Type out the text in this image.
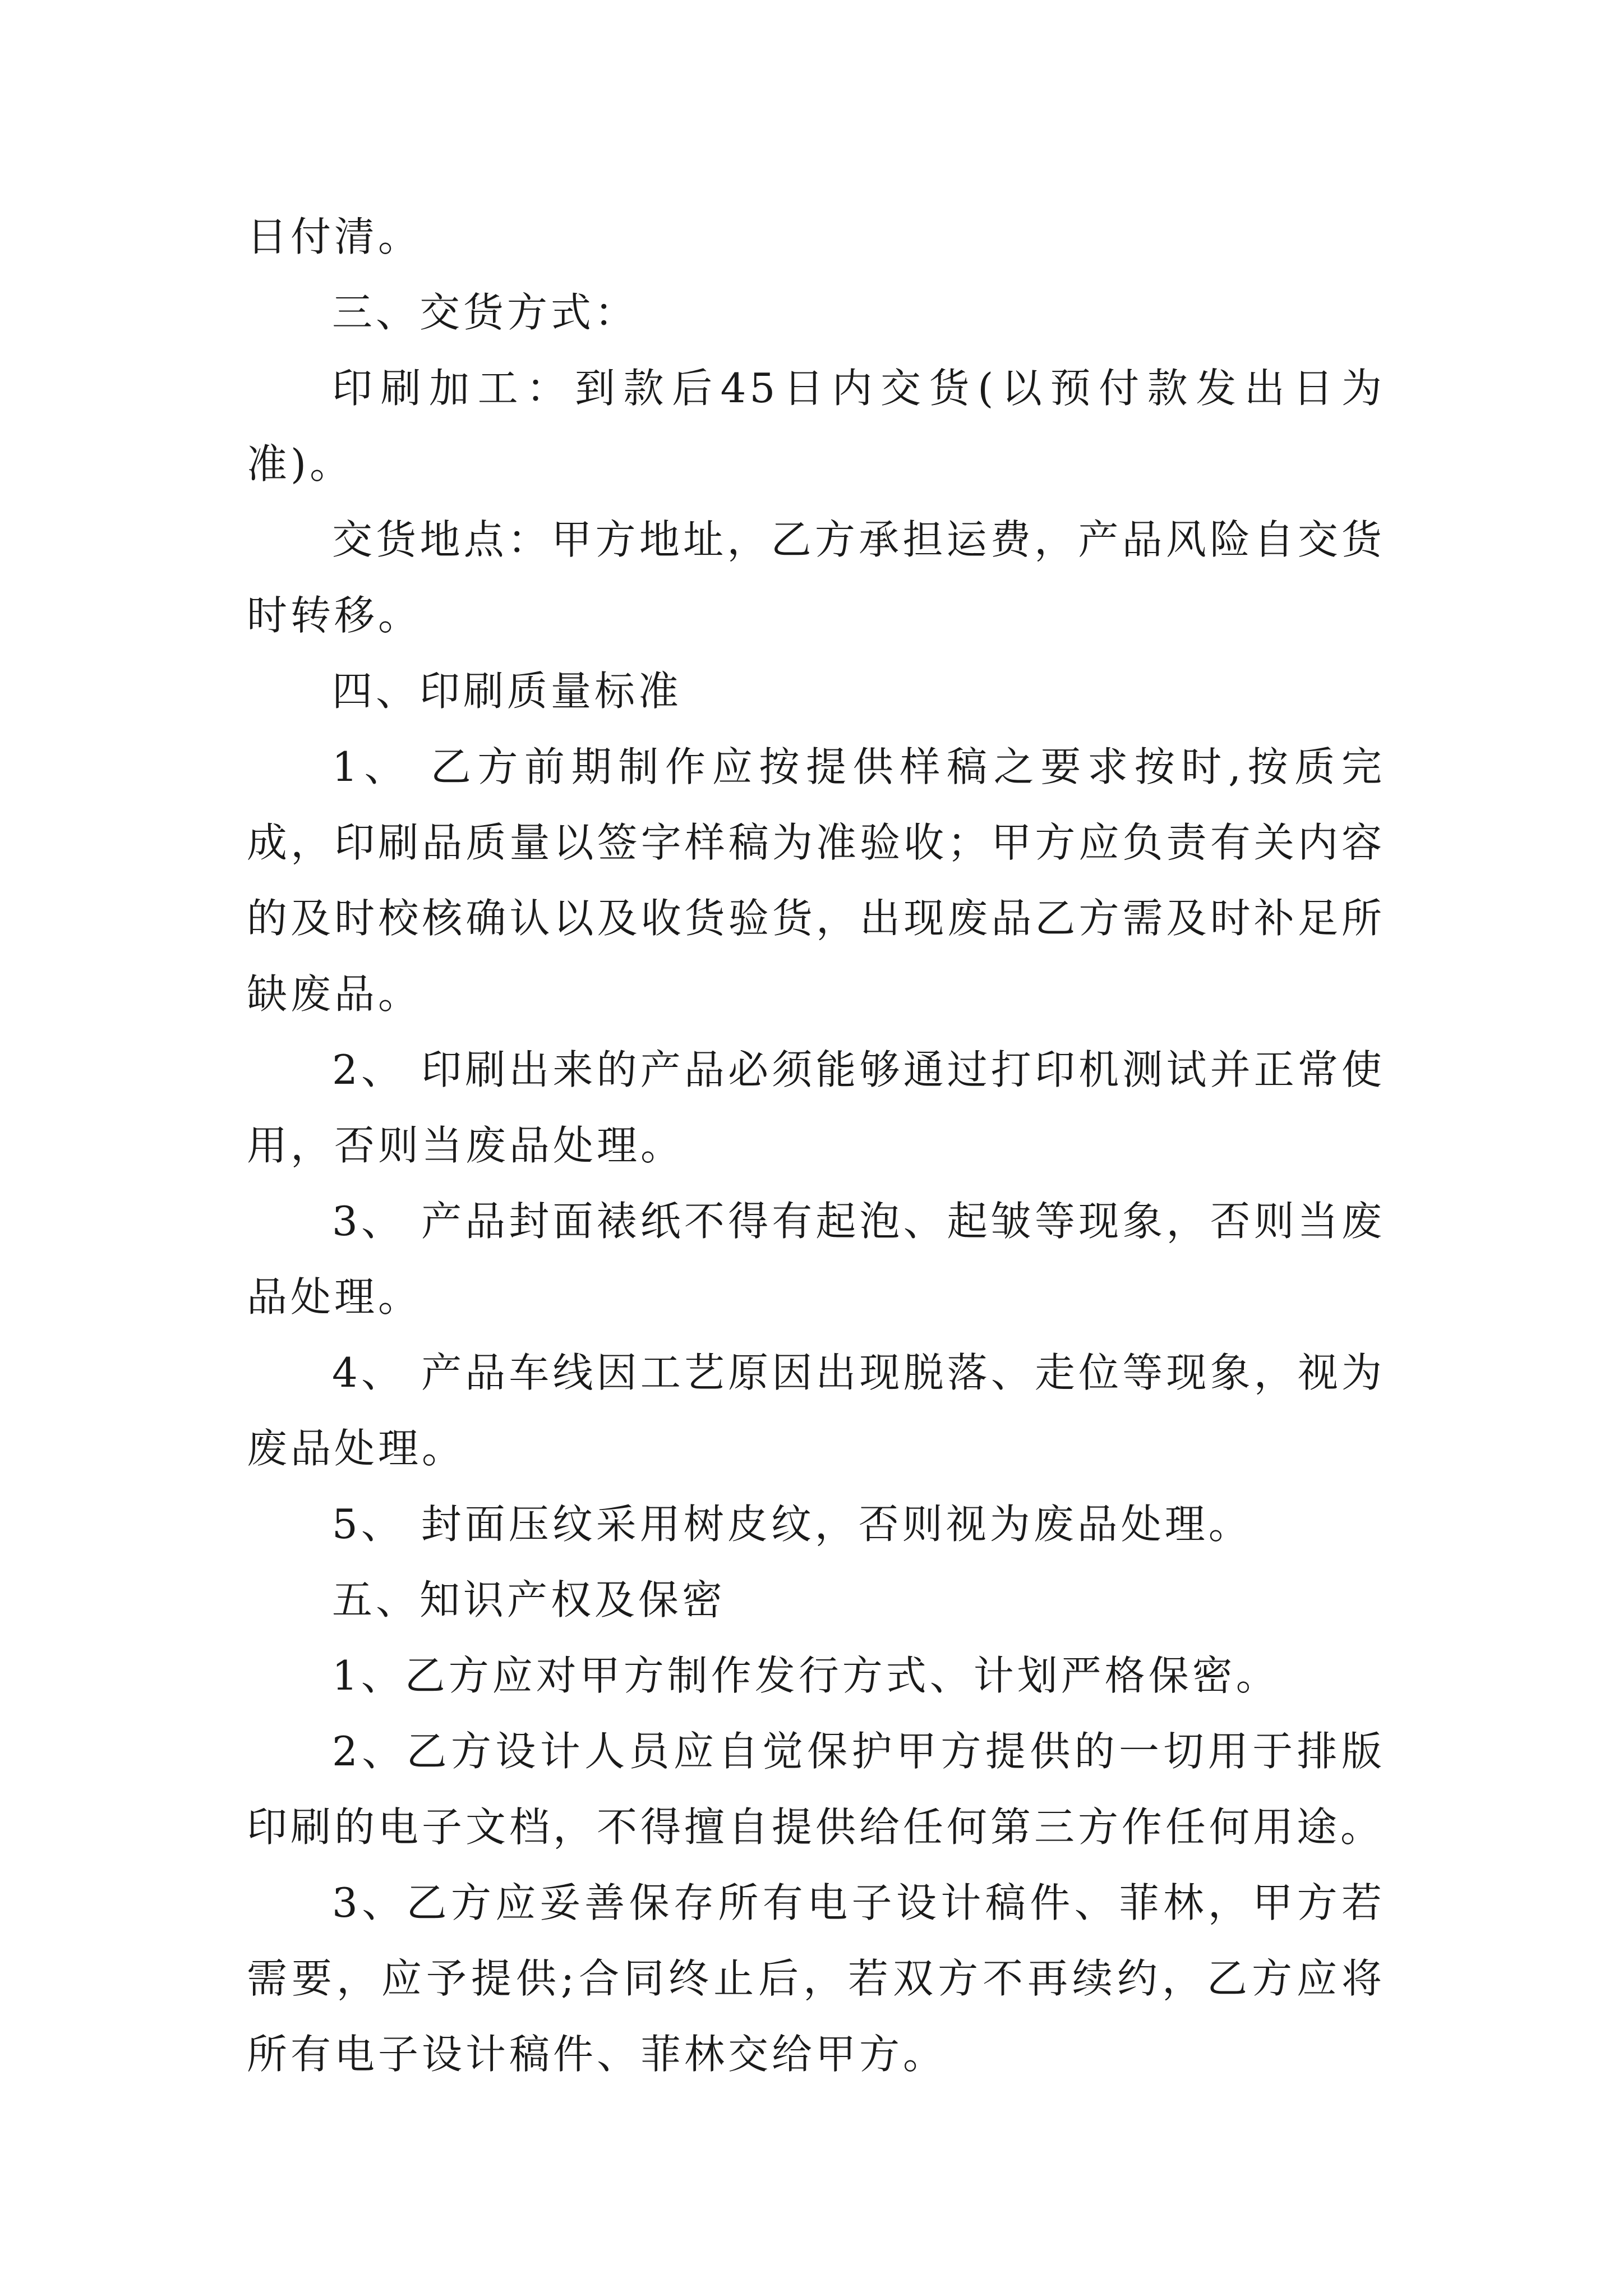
日付清。

三、交货方式：

印刷加工：到款后45日内交货(以预付款发出日为准)。

交货地点：甲方地址，乙方承担运费，产品风险自交货时转移。

四、印刷质量标准

1、 乙方前期制作应按提供样稿之要求按时,按质完成，印刷品质量以签字样稿为准验收；甲方应负责有关内容的及时校核确认以及收货验货，出现废品乙方需及时补足所缺废品。

2、 印刷出来的产品必须能够通过打印机测试并正常使用，否则当废品处理。

3、 产品封面裱纸不得有起泡、起皱等现象，否则当废品处理。

4、 产品车线因工艺原因出现脱落、走位等现象，视为废品处理。

5、 封面压纹采用树皮纹，否则视为废品处理。

五、知识产权及保密

1、乙方应对甲方制作发行方式、计划严格保密。

2、乙方设计人员应自觉保护甲方提供的一切用于排版印刷的电子文档，不得擅自提供给任何第三方作任何用途。

3、乙方应妥善保存所有电子设计稿件、菲林，甲方若需要，应予提供;合同终止后，若双方不再续约，乙方应将所有电子设计稿件、菲林交给甲方。
